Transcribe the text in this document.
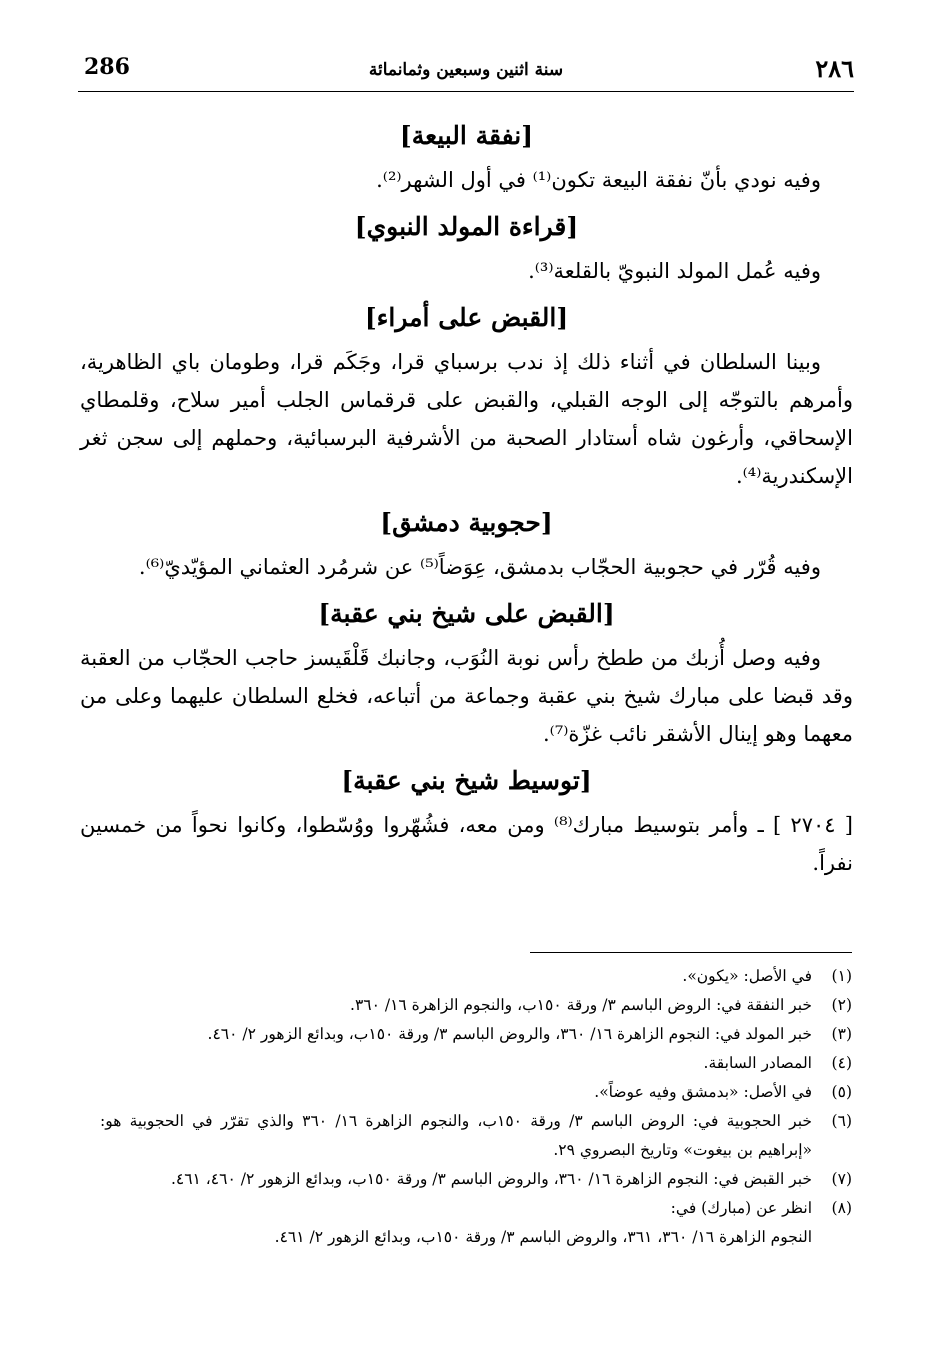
286	سنة اثنين وسبعين وثمانمائة	٢٨٦
[نفقة البيعة]

وفيه نودي بأنّ نفقة البيعة تكون⁽¹⁾ في أول الشهر⁽²⁾.

[قراءة المولد النبوي]

وفيه عُمل المولد النبويّ بالقلعة⁽³⁾.

[القبض على أمراء]

وبينا السلطان في أثناء ذلك إذ ندب برسباي قرا، وجَكَم قرا، وطومان باي الظاهرية، وأمرهم بالتوجّه إلى الوجه القبلي، والقبض على قرقماس الجلب أمير سلاح، وقلمطاي الإسحاقي، وأرغون شاه أستادار الصحبة من الأشرفية البرسبائية، وحملهم إلى سجن ثغر الإسكندرية⁽⁴⁾.

[حجوبية دمشق]

وفيه قُرّر في حجوبية الحجّاب بدمشق، عِوَضاً⁽⁵⁾ عن شرمُرد العثماني المؤيّديّ⁽⁶⁾.

[القبض على شيخ بني عقبة]

وفيه وصل أُزبك من ططخ رأس نوبة النُوَب، وجانبك قَلْقَيسز حاجب الحجّاب من العقبة وقد قبضا على مبارك شيخ بني عقبة وجماعة من أتباعه، فخلع السلطان عليهما وعلى من معهما وهو إينال الأشقر نائب غزّة⁽⁷⁾.

[توسيط شيخ بني عقبة]

[ ٢٧٠٤ ] ـ وأمر بتوسيط مبارك⁽⁸⁾ ومن معه، فشُهّروا ووُسّطوا، وكانوا نحواً من خمسين نفراً.

(١)
في الأصل: «يكون».
(٢)
خبر النفقة في: الروض الباسم ٣/ ورقة ١٥٠ب، والنجوم الزاهرة ١٦/ ٣٦٠.
(٣)
خبر المولد في: النجوم الزاهرة ١٦/ ٣٦٠، والروض الباسم ٣/ ورقة ١٥٠ب، وبدائع الزهور ٢/ ٤٦٠.
(٤)
المصادر السابقة.
(٥)
في الأصل: «بدمشق وفيه عوضاً».
(٦)
خبر الحجوبية في: الروض الباسم ٣/ ورقة ١٥٠ب، والنجوم الزاهرة ١٦/ ٣٦٠ والذي تقرّر في الحجوبية هو: «إبراهيم بن بيغوت» وتاريخ البصروي ٢٩.
(٧)
خبر القبض في: النجوم الزاهرة ١٦/ ٣٦٠، والروض الباسم ٣/ ورقة ١٥٠ب، وبدائع الزهور ٢/ ٤٦٠، ٤٦١.
(٨)
انظر عن (مبارك) في:
النجوم الزاهرة ١٦/ ٣٦٠، ٣٦١، والروض الباسم ٣/ ورقة ١٥٠ب، وبدائع الزهور ٢/ ٤٦١.
